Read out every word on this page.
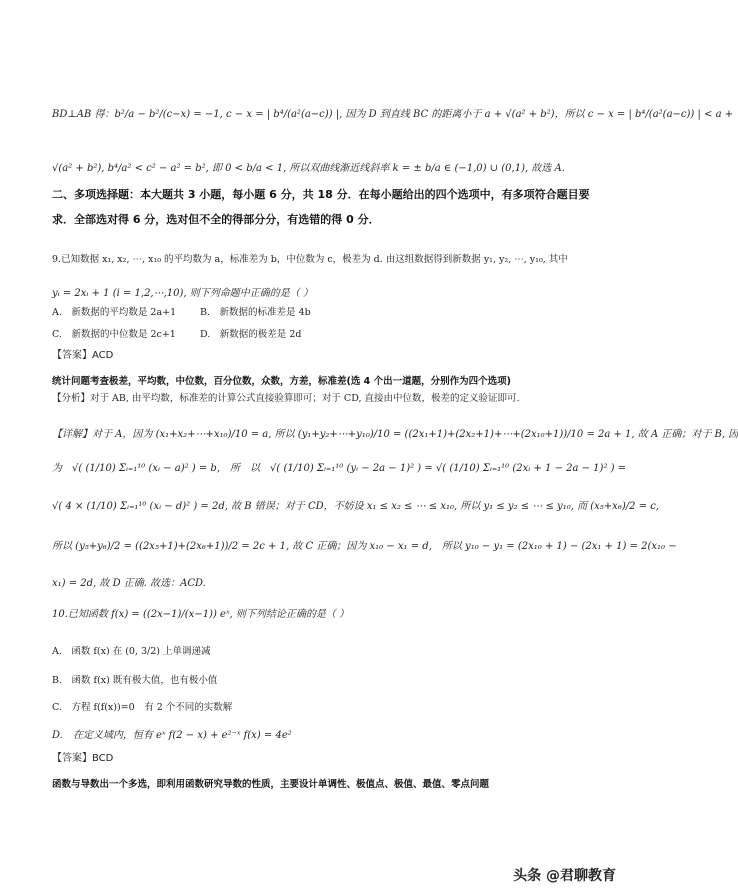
BD⊥AB 得：b²/a − b²/(c−x) = −1, c − x = | b⁴/(a²(a−c)) |, 因为 D 到直线 BC 的距离小于 a + √(a² + b²)，所以 c − x = | b⁴/(a²(a−c)) | < a +
√(a² + b²), b⁴/a² < c² − a² = b², 即 0 < b/a < 1, 所以双曲线渐近线斜率 k = ± b/a ∈ (−1,0) ∪ (0,1), 故选 A.
二、多项选择题：本大题共 3 小题，每小题 6 分，共 18 分．在每小题给出的四个选项中，有多项符合题目要
求．全部选对得 6 分，选对但不全的得部分分，有选错的得 0 分．
9.已知数据 x₁, x₂, ⋯, x₁₀ 的平均数为 a，标准差为 b，中位数为 c，极差为 d. 由这组数据得到新数据 y₁, y₂, ⋯, y₁₀, 其中
yᵢ = 2xᵢ + 1 (i = 1,2,⋯,10), 则下列命题中正确的是（ ）
A.　新数据的平均数是 2a+1	B.　新数据的标准差是 4b
C.　新数据的中位数是 2c+1	D.　新数据的极差是 2d
【答案】ACD
统计问题考查极差，平均数，中位数，百分位数，众数，方差，标准差(选 4 个出一道题，分别作为四个选项)
【分析】对于 AB, 由平均数，标准差的计算公式直接验算即可；对于 CD, 直接由中位数，极差的定义验证即可.
【详解】对于 A，因为 (x₁+x₂+⋯+x₁₀)/10 = a, 所以 (y₁+y₂+⋯+y₁₀)/10 = ((2x₁+1)+(2x₂+1)+⋯+(2x₁₀+1))/10 = 2a + 1, 故 A 正确；对于 B, 因
为　√( (1/10) Σᵢ₌₁¹⁰ (xᵢ − a)² ) = b,　所　以　√( (1/10) Σᵢ₌₁¹⁰ (yᵢ − 2a − 1)² ) = √( (1/10) Σᵢ₌₁¹⁰ (2xᵢ + 1 − 2a − 1)² ) =
√( 4 × (1/10) Σᵢ₌₁¹⁰ (xᵢ − d)² ) = 2d, 故 B 错误；对于 CD，不妨设 x₁ ≤ x₂ ≤ ⋯ ≤ x₁₀, 所以 y₁ ≤ y₂ ≤ ⋯ ≤ y₁₀, 而 (x₅+x₆)/2 = c,
所以 (y₅+y₆)/2 = ((2x₅+1)+(2x₆+1))/2 = 2c + 1, 故 C 正确；因为 x₁₀ − x₁ = d,　所以 y₁₀ − y₁ = (2x₁₀ + 1) − (2x₁ + 1) = 2(x₁₀ −
x₁) = 2d, 故 D 正确. 故选：ACD.
10.已知函数 f(x) = ((2x−1)/(x−1)) eˣ, 则下列结论正确的是（ ）
A.　函数 f(x) 在 (0, 3/2) 上单调递减
B.　函数 f(x) 既有极大值，也有极小值
C.　方程 f(f(x))=0　有 2 个不同的实数解
D.　在定义域内，恒有 eˣ f(2 − x) + e²⁻ˣ f(x) = 4e²
【答案】BCD
函数与导数出一个多选，即利用函数研究导数的性质，主要设计单调性、极值点、极值、最值、零点问题
头条 @君聊教育
